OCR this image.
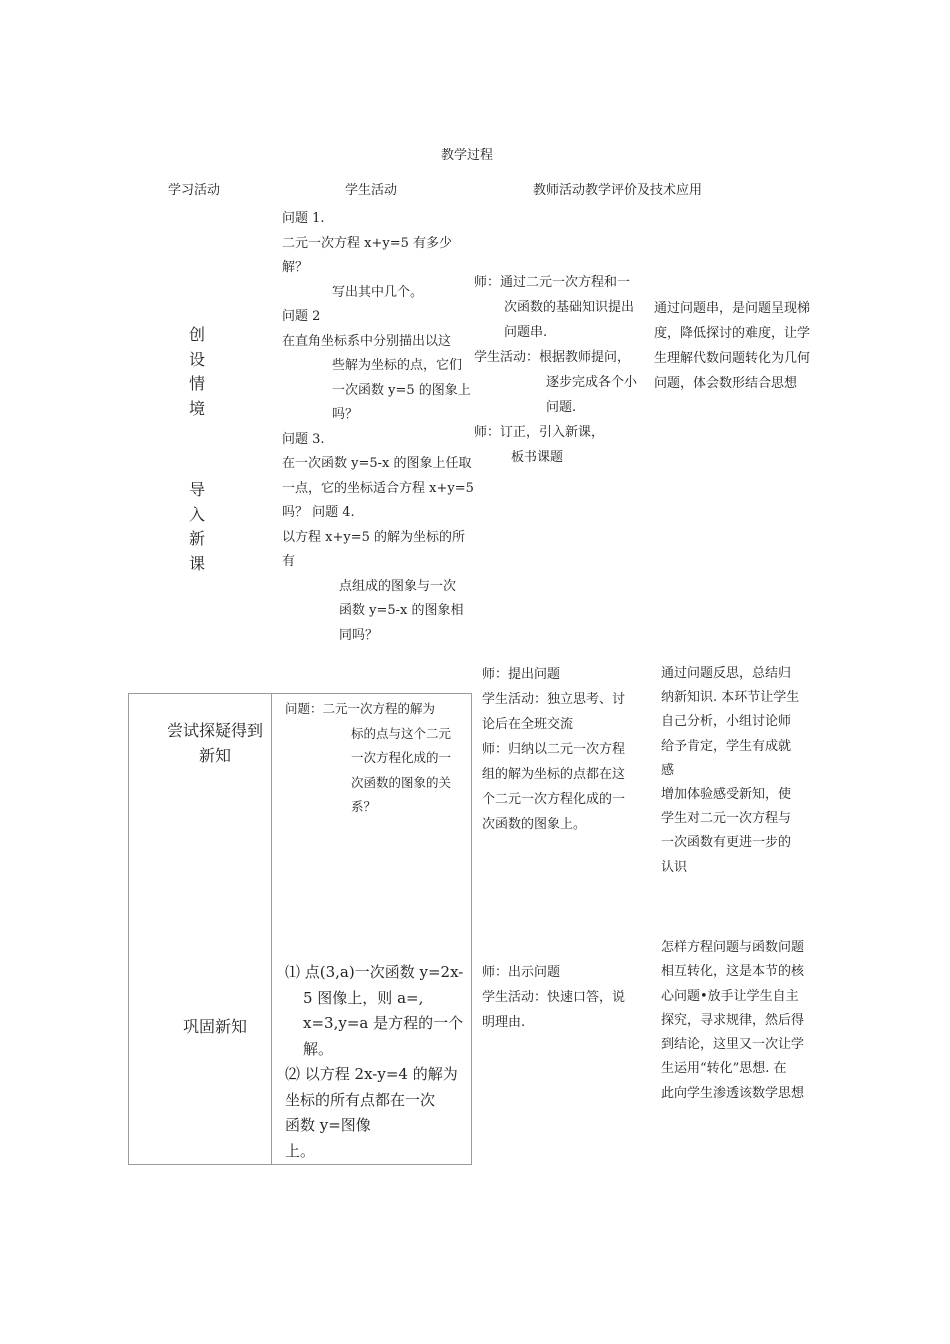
教学过程
学习活动	学生活动	教师活动教学评价及技术应用
创
设
情
境
导
入
新
课
问题 1.
二元一次方程 x+y=5 有多少解？
写出其中几个。
问题 2
在直角坐标系中分别描出以这
些解为坐标的点，它们
一次函数 y=5 的图象上
吗？
问题 3.
在一次函数 y=5-x 的图象上任取
一点，它的坐标适合方程 x+y=5
吗？ 问题 4.
以方程 x+y=5 的解为坐标的所有
点组成的图象与一次
函数 y=5-x 的图象相
同吗？
师：通过二元一次方程和一
次函数的基础知识提出
问题串.
学生活动：根据教师提问，
逐步完成各个小
问题.
师：订正，引入新课，
板书课题
通过问题串，是问题呈现梯
度，降低探讨的难度，让学
生理解代数问题转化为几何
问题，体会数形结合思想
尝试探疑得到
新知
问题：二元一次方程的解为
标的点与这个二元
一次方程化成的一
次函数的图象的关
系？
师：提出问题
学生活动：独立思考、讨
论后在全班交流
师：归纳以二元一次方程
组的解为坐标的点都在这
个二元一次方程化成的一
次函数的图象上。
通过问题反思，总结归
纳新知识. 本环节让学生
自己分析，小组讨论师
给予肯定，学生有成就
感
增加体验感受新知，使
学生对二元一次方程与
一次函数有更进一步的
认识
巩固新知
⑴ 点(3,a)一次函数 y=2x-
5 图像上，则 a=,
x=3,y=a 是方程的一个
解。
⑵ 以方程 2x-y=4 的解为
坐标的所有点都在一次
函数 y=图像
上。
师：出示问题
学生活动：快速口答，说
明理由.
怎样方程问题与函数问题
相互转化，这是本节的核
心问题•放手让学生自主
探究，寻求规律，然后得
到结论，这里又一次让学
生运用“转化”思想. 在
此向学生渗透该数学思想
